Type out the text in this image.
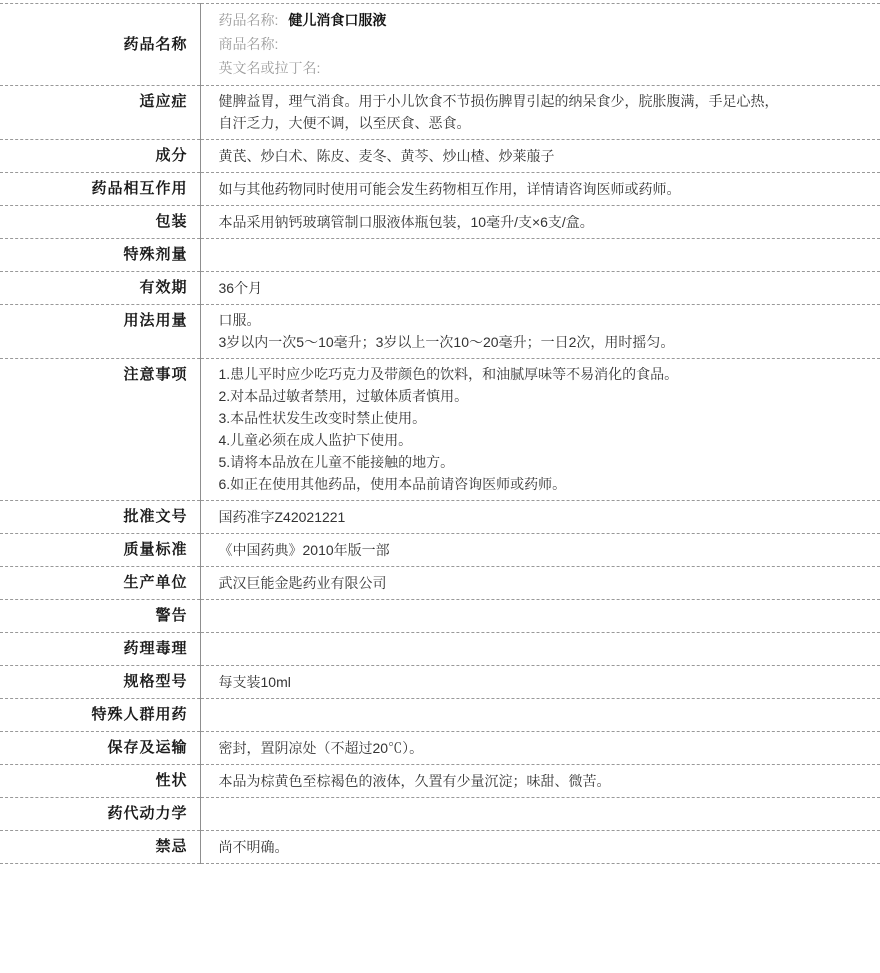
药品名称	药品名称: 健儿消食口服液
商品名称:
英文名或拉丁名:

适应症	健脾益胃，理气消食。用于小儿饮食不节损伤脾胃引起的纳呆食少，脘胀腹满，手足心热，
自汗乏力，大便不调，以至厌食、恶食。

成分	黄芪、炒白术、陈皮、麦冬、黄芩、炒山楂、炒莱菔子

药品相互作用	如与其他药物同时使用可能会发生药物相互作用，详情请咨询医师或药师。

包装	本品采用钠钙玻璃管制口服液体瓶包装，10毫升/支×6支/盒。

特殊剂量	
有效期	36个月

用法用量	口服。
3岁以内一次5～10毫升；3岁以上一次10～20毫升；一日2次，用时摇匀。

注意事项	1.患儿平时应少吃巧克力及带颜色的饮料，和油腻厚味等不易消化的食品。
2.对本品过敏者禁用，过敏体质者慎用。
3.本品性状发生改变时禁止使用。
4.儿童必须在成人监护下使用。
5.请将本品放在儿童不能接触的地方。
6.如正在使用其他药品，使用本品前请咨询医师或药师。

批准文号	国药准字Z42021221

质量标准	《中国药典》2010年版一部

生产单位	武汉巨能金匙药业有限公司

警告	
药理毒理	
规格型号	每支装10ml

特殊人群用药	
保存及运输	密封，置阴凉处（不超过20℃）。

性状	本品为棕黄色至棕褐色的液体，久置有少量沉淀；味甜、微苦。

药代动力学	
禁忌	尚不明确。
